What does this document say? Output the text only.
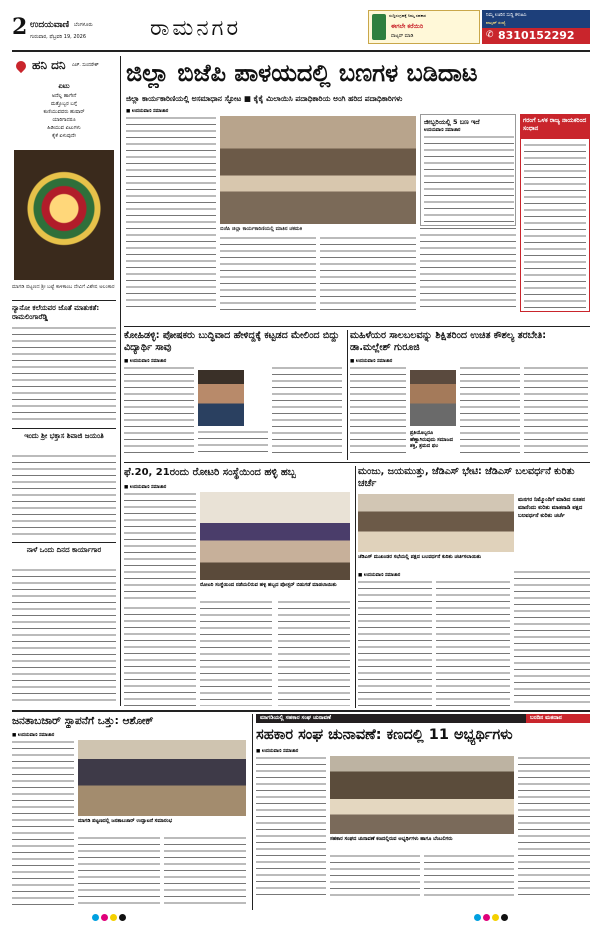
2 ಉದಯವಾಣಿ ಬೆಂಗಳೂರು
ಗುರುವಾರ, ಫೆಬ್ರವರಿ 19, 2026	ರಾಮನಗರ
ಸುದ್ದಿಸಂಗ್ರಹಕ್ಕೆ ನಿಮ್ಮ ಸಹಕಾರ
ಈಗಲೇ ಕರೆಯಿರಿ
ವಾಟ್ಸಪ್ ಮಾಡಿ
ನಿಮ್ಮ ಊರಿನ ಸುದ್ದಿ ಕಳುಹಿಸಿ
ವಾಟ್ಸಪ್ ಸಂಖ್ಯೆ
✆ 8310152292
ಹನಿ ದನಿ ಎಚ್. ಸುಂದರೇಶ್
ಏಟು
ಅದೆಲ್ಲ ಹಾಗೇನೆ
ಮತ್ತೊಬ್ಬರ ಬಗ್ಗೆ
ಕುಣಿಯುವವರು ಹುಷಾರ್
ಯಾರಿಗಾದರೂ
ಹಿಡಿಯುವ ಏಟುಗಳು
ಕೈಕೆ ಏಳುವುದೇ
ಮಾಗಡಿ ಪಟ್ಟಣದ ಶ್ರೀ ಬಟ್ಟೆ ಕಾಳಿಕಾಂಬ ದೇವಿಗೆ ವಿಶೇಷ ಅಲಂಕಾರ
ನ್ಯಾನೋ ಕಲೆಯವರ ಜೊತೆ ಮಾತುಕತೆ: ರಾಮಲಿಂಗಾರೆಡ್ಡಿ
ಇಂದು ಶ್ರೀ ಭಕ್ತಾಸ ಶಿವಾಜಿ ಜಯಂತಿ
ನಾಳೆ ಒಂದು ದಿನದ ಕಾರ್ಯಾಗಾರ
ಜಿಲ್ಲಾ ಬಿಜೆಪಿ ಪಾಳಯದಲ್ಲಿ ಬಣಗಳ ಬಡಿದಾಟ
ಜಿಲ್ಲಾ ಕಾರ್ಯಕಾರಿಣಿಯಲ್ಲಿ ಅಸಮಾಧಾನ ಸ್ಫೋಟ ■ ಕೈಕೈ ಮಿಲಾಯಿಸಿ ಪದಾಧಿಕಾರಿಯ ಅಂಗಿ ಹರಿದ ಪದಾಧಿಕಾರಿಗಳು
■ ಉದಯವಾಣಿ ಸಮಾಚಾರ
ಬಿಜೆಪಿ ಜಿಲ್ಲಾ ಕಾರ್ಯಕಾರಿಣಿಯಲ್ಲಿ ಮಾತಿನ ಚಕಮಕಿ
ಜೀಬ್ಬರಿಯಲ್ಲಿ 5 ಬಣ ಇದೆ
ಉದಯವಾಣಿ ಸಮಾಚಾರ
ಗರಂಗೆ ಒಳಕ ರಾಜ್ಯ ನಾಯಕರಿಂದ ಸಂಧಾನ
ಕೋಹಿಡಳ್ಳಿ: ಪೋಷಕರು ಬುದ್ಧಿವಾದ ಹೇಳಿದ್ದಕ್ಕೆ ಕಟ್ಟಡದ ಮೇಲಿಂದ ಬಿದ್ದು ವಿದ್ಯಾರ್ಥಿ ಸಾವು
■ ಉದಯವಾಣಿ ಸಮಾಚಾರ
ಮಹಿಳೆಯರ ಸಾಲಬಲವನ್ನು ಶಿಕ್ಷಿತರಿಂದ ಉಚಿತ ಕೌಶಲ್ಯ ತರಬೇತಿ: ಡಾ.ಮಲ್ಲೇಶ್ ಗುರೂಜಿ
■ ಉದಯವಾಣಿ ಸಮಾಚಾರ
ಪ್ರತಿಯೊಬ್ಬರೂ ಹೆಣ್ಣಾಗಿರುವುದು ಸಮಾಜದ ಶಕ್ತಿ, ಶ್ರಮದ ಫಲ
ಫೆ.20, 21ರಂದು ರೋಟರಿ ಸಂಸ್ಥೆಯಿಂದ ಹಳ್ಳಿ ಹಬ್ಬ
■ ಉದಯವಾಣಿ ಸಮಾಚಾರ
ರೋಟರಿ ಸಂಸ್ಥೆಯಿಂದ ನಡೆಯಲಿರುವ ಹಳ್ಳಿ ಹಬ್ಬದ ಪೋಸ್ಟರ್ ಬಿಡುಗಡೆ ಮಾಡಲಾಯಿತು
ಮಂಜು, ಜಯಮುತ್ತು, ಜೆಡಿಎಸ್ ಭೇಟಿ: ಜೆಡಿಎಸ್ ಬಲವರ್ಧನೆ ಕುರಿತು ಚರ್ಚೆ
ಜೆಡಿಎಸ್ ಮುಖಂಡರ ಸಭೆಯಲ್ಲಿ ಪಕ್ಷದ ಬಲವರ್ಧನೆ ಕುರಿತು ಚರ್ಚಿಸಲಾಯಿತು
ಮನಗರ ನಿಮ್ಮೊಂದಿಗೆ ಮಾಡಿದ ನೂತನ ಮಾನೆಂದು ಕುರಿತು ಮಾತನಾಡಿ ಪಕ್ಷದ ಬಲವರ್ಧನೆ ಕುರಿತು ಚರ್ಚೆ
■ ಉದಯವಾಣಿ ಸಮಾಚಾರ
ಜನತಾಬಜಾರ್ ಸ್ಥಾಪನೆಗೆ ಒತ್ತು: ಆಶೋಕ್
■ ಉದಯವಾಣಿ ಸಮಾಚಾರ
ಮಾಗಡಿ ಪಟ್ಟಣದಲ್ಲಿ ಜನತಾಬಜಾರ್ ಉದ್ಘಾಟನೆ ಸಮಾರಂಭ
ಮಾಗಡಿಯಲ್ಲಿ ಸಹಕಾರ ಸಂಘ ಚುನಾವಣೆ	ಬರದಿನ ಮತದಾನ
ಸಹಕಾರ ಸಂಘ ಚುನಾವಣೆ: ಕಣದಲ್ಲಿ 11 ಅಭ್ಯರ್ಥಿಗಳು
■ ಉದಯವಾಣಿ ಸಮಾಚಾರ
ಸಹಕಾರ ಸಂಘದ ಚುನಾವಣೆ ಕಣದಲ್ಲಿರುವ ಅಭ್ಯರ್ಥಿಗಳು ಹಾಗೂ ಬೆಂಬಲಿಗರು
